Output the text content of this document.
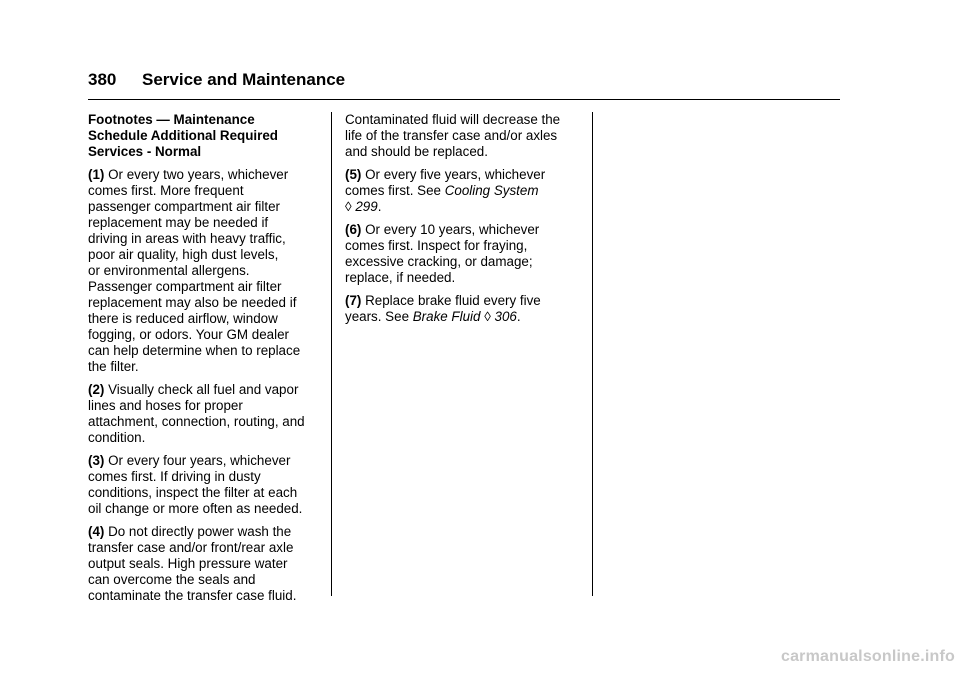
380 Service and Maintenance

Footnotes — Maintenance
Schedule Additional Required
Services - Normal

(1) Or every two years, whichever
comes first. More frequent
passenger compartment air filter
replacement may be needed if
driving in areas with heavy traffic,
poor air quality, high dust levels,
or environmental allergens.
Passenger compartment air filter
replacement may also be needed if
there is reduced airflow, window
fogging, or odors. Your GM dealer
can help determine when to replace
the filter.

(2) Visually check all fuel and vapor
lines and hoses for proper
attachment, connection, routing, and
condition.

(3) Or every four years, whichever
comes first. If driving in dusty
conditions, inspect the filter at each
oil change or more often as needed.

(4) Do not directly power wash the
transfer case and/or front/rear axle
output seals. High pressure water
can overcome the seals and
contaminate the transfer case fluid.

Contaminated fluid will decrease the
life of the transfer case and/or axles
and should be replaced.

(5) Or every five years, whichever
comes first. See Cooling System
◊ 299.

(6) Or every 10 years, whichever
comes first. Inspect for fraying,
excessive cracking, or damage;
replace, if needed.

(7) Replace brake fluid every five
years. See Brake Fluid ◊ 306.

carmanualsonline.info
